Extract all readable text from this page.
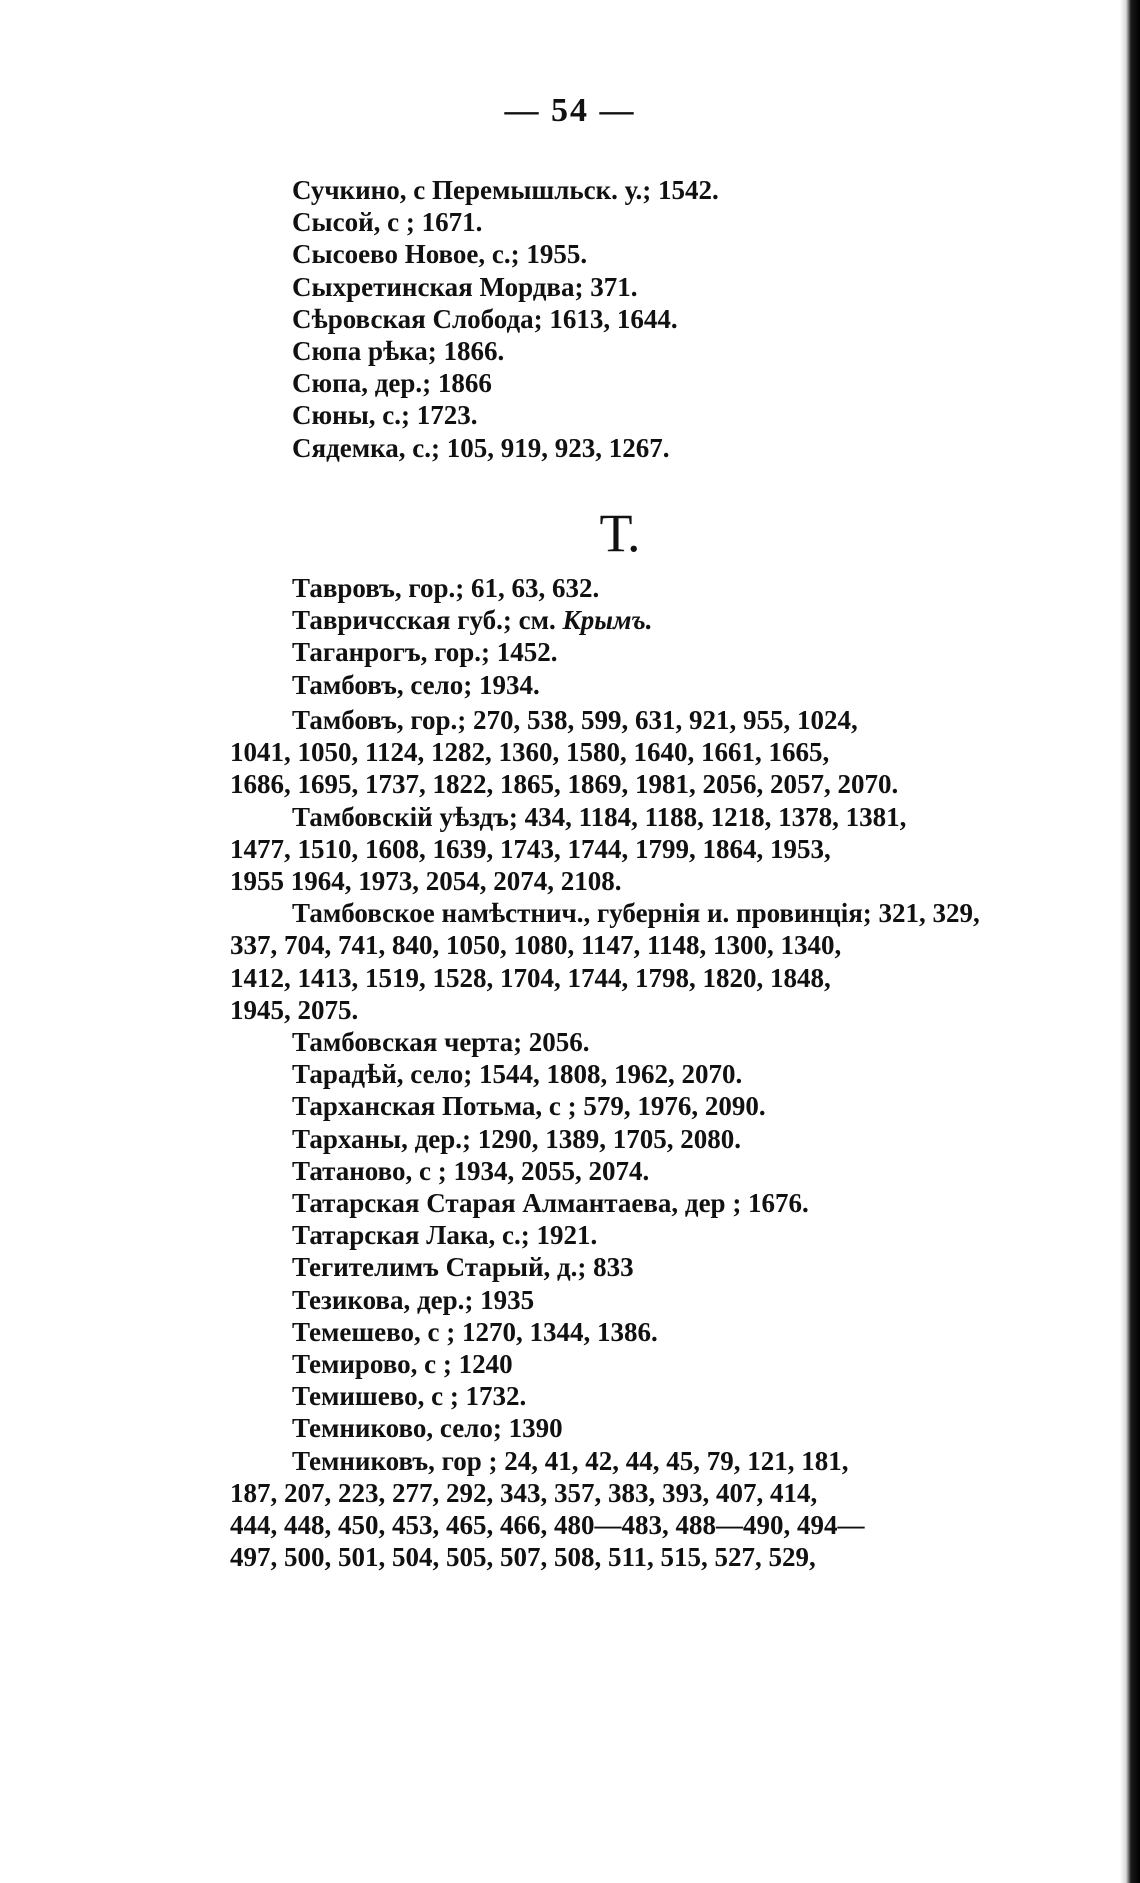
— 54 —
Сучкино, с Перемышльск. у.; 1542.
Сысой, с ; 1671.
Сысоево Новое, с.; 1955.
Сыхретинская Мордва; 371.
Сѣровская Слобода; 1613, 1644.
Сюпа рѣка; 1866.
Сюпа, дер.; 1866
Сюны, с.; 1723.
Сядемка, с.; 105, 919, 923, 1267.
Т.
Тавровъ, гор.; 61, 63, 632.
Тавричсская губ.; см. Крымъ.
Таганрогъ, гор.; 1452.
Тамбовъ, село; 1934.
Тамбовъ, гор.; 270, 538, 599, 631, 921, 955, 1024,
1041, 1050, 1124, 1282, 1360, 1580, 1640, 1661, 1665,
1686, 1695, 1737, 1822, 1865, 1869, 1981, 2056, 2057, 2070.
Тамбовскій уѣздъ; 434, 1184, 1188, 1218, 1378, 1381,
1477, 1510, 1608, 1639, 1743, 1744, 1799, 1864, 1953,
1955 1964, 1973, 2054, 2074, 2108.
Тамбовское намѣстнич., губернія и. провинція; 321, 329,
337, 704, 741, 840, 1050, 1080, 1147, 1148, 1300, 1340,
1412, 1413, 1519, 1528, 1704, 1744, 1798, 1820, 1848,
1945, 2075.
Тамбовская черта; 2056.
Тарадѣй, село; 1544, 1808, 1962, 2070.
Тарханская Потьма, с ; 579, 1976, 2090.
Тарханы, дер.; 1290, 1389, 1705, 2080.
Татаново, с ; 1934, 2055, 2074.
Татарская Старая Алмантаева, дер ; 1676.
Татарская Лака, с.; 1921.
Тегителимъ Старый, д.; 833
Тезикова, дер.; 1935
Темешево, с ; 1270, 1344, 1386.
Темирово, с ; 1240
Темишево, с ; 1732.
Темниково, село; 1390
Темниковъ, гор ; 24, 41, 42, 44, 45, 79, 121, 181,
187, 207, 223, 277, 292, 343, 357, 383, 393, 407, 414,
444, 448, 450, 453, 465, 466, 480—483, 488—490, 494—
497, 500, 501, 504, 505, 507, 508, 511, 515, 527, 529,
